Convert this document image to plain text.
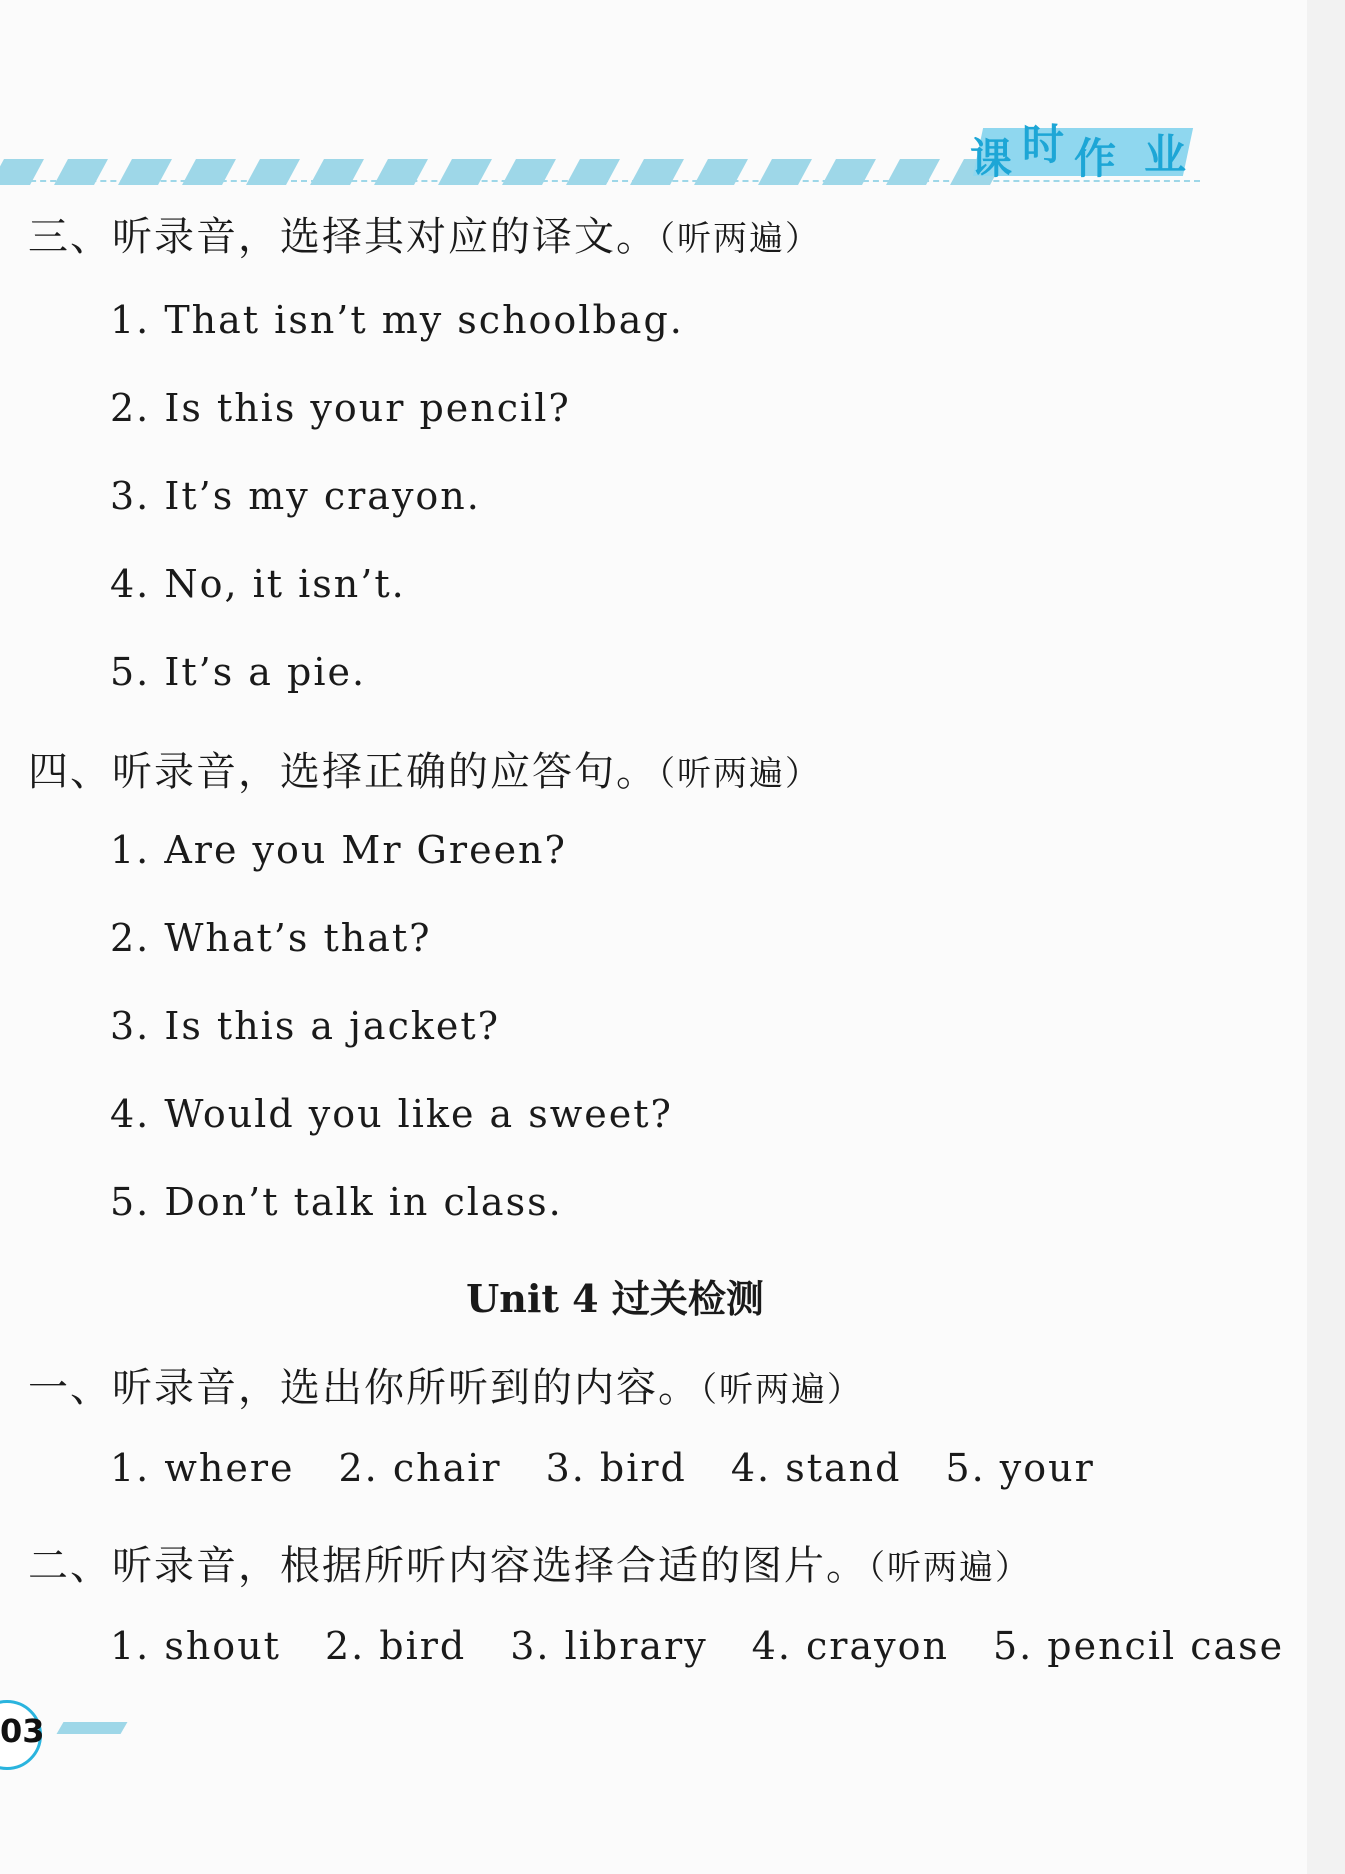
课 时 作 业
三、听录音，选择其对应的译文。（听两遍）
1. That isn’t my schoolbag.
2. Is this your pencil?
3. It’s my crayon.
4. No, it isn’t.
5. It’s a pie.
四、听录音，选择正确的应答句。（听两遍）
1. Are you Mr Green?
2. What’s that?
3. Is this a jacket?
4. Would you like a sweet?
5. Don’t talk in class.
Unit 4 过关检测
一、听录音，选出你所听到的内容。（听两遍）
1. where 2. chair 3. bird 4. stand 5. your
二、听录音，根据所听内容选择合适的图片。（听两遍）
1. shout 2. bird 3. library 4. crayon 5. pencil case
03
